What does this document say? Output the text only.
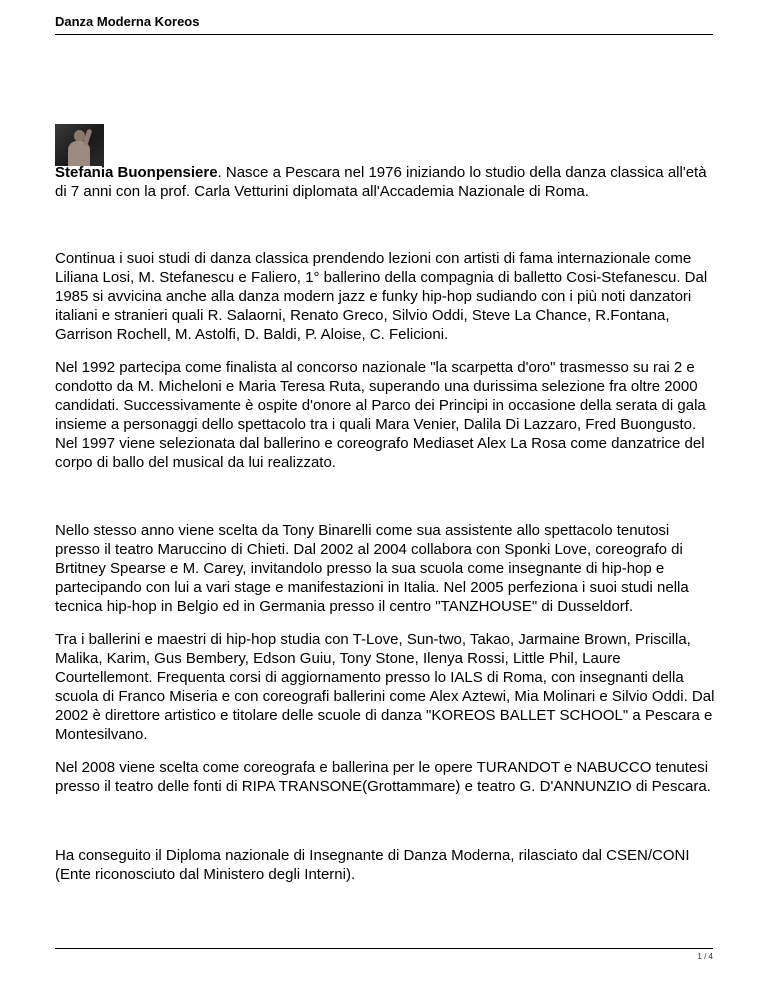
Danza Moderna Koreos

Stefania Buonpensiere. Nasce a Pescara nel 1976 iniziando lo studio della danza classica all'età di 7 anni con la prof. Carla Vetturini diplomata all'Accademia Nazionale di Roma.

Continua i suoi studi di danza classica prendendo lezioni con artisti di fama internazionale come Liliana Losi, M. Stefanescu e Faliero, 1° ballerino della compagnia di balletto Cosi-Stefanescu. Dal 1985 si avvicina anche alla danza modern jazz e funky hip-hop sudiando con i più noti danzatori italiani e stranieri quali R. Salaorni, Renato Greco, Silvio Oddi, Steve La Chance, R.Fontana, Garrison Rochell, M. Astolfi, D. Baldi, P. Aloise, C. Felicioni.

Nel 1992 partecipa come finalista al concorso nazionale "la scarpetta d'oro" trasmesso su rai 2 e condotto da M. Micheloni e Maria Teresa Ruta, superando una durissima selezione fra oltre 2000 candidati. Successivamente è ospite d'onore al Parco dei Principi in occasione della serata di gala insieme a personaggi dello spettacolo tra i quali Mara Venier, Dalila Di Lazzaro, Fred Buongusto. Nel 1997 viene selezionata dal ballerino e coreografo Mediaset Alex La Rosa come danzatrice del corpo di ballo del musical da lui realizzato.

Nello stesso anno viene scelta da Tony Binarelli come sua assistente allo spettacolo tenutosi presso il teatro Maruccino di Chieti. Dal 2002 al 2004 collabora con Sponki Love, coreografo di Brtitney Spearse e M. Carey, invitandolo presso la sua scuola come insegnante di hip-hop e partecipando con lui a vari stage e manifestazioni in Italia. Nel 2005 perfeziona i suoi studi nella tecnica hip-hop in Belgio ed in Germania presso il centro "TANZHOUSE" di Dusseldorf.

Tra i ballerini e maestri di hip-hop studia con T-Love, Sun-two, Takao, Jarmaine Brown, Priscilla, Malika, Karim, Gus Bembery, Edson Guiu, Tony Stone, Ilenya Rossi, Little Phil, Laure Courtellemont. Frequenta corsi di aggiornamento presso lo IALS di Roma, con insegnanti della scuola di Franco Miseria e con coreografi ballerini come Alex Aztewi, Mia Molinari e Silvio Oddi. Dal 2002 è direttore artistico e titolare delle scuole di danza "KOREOS BALLET SCHOOL" a Pescara e Montesilvano.

Nel 2008 viene scelta come coreografa e ballerina per le opere TURANDOT e NABUCCO tenutesi presso il teatro delle fonti di RIPA TRANSONE(Grottammare) e teatro G. D'ANNUNZIO di Pescara.

Ha conseguito il Diploma nazionale di Insegnante di Danza Moderna, rilasciato dal CSEN/CONI (Ente riconosciuto dal Ministero degli Interni).

1 / 4
